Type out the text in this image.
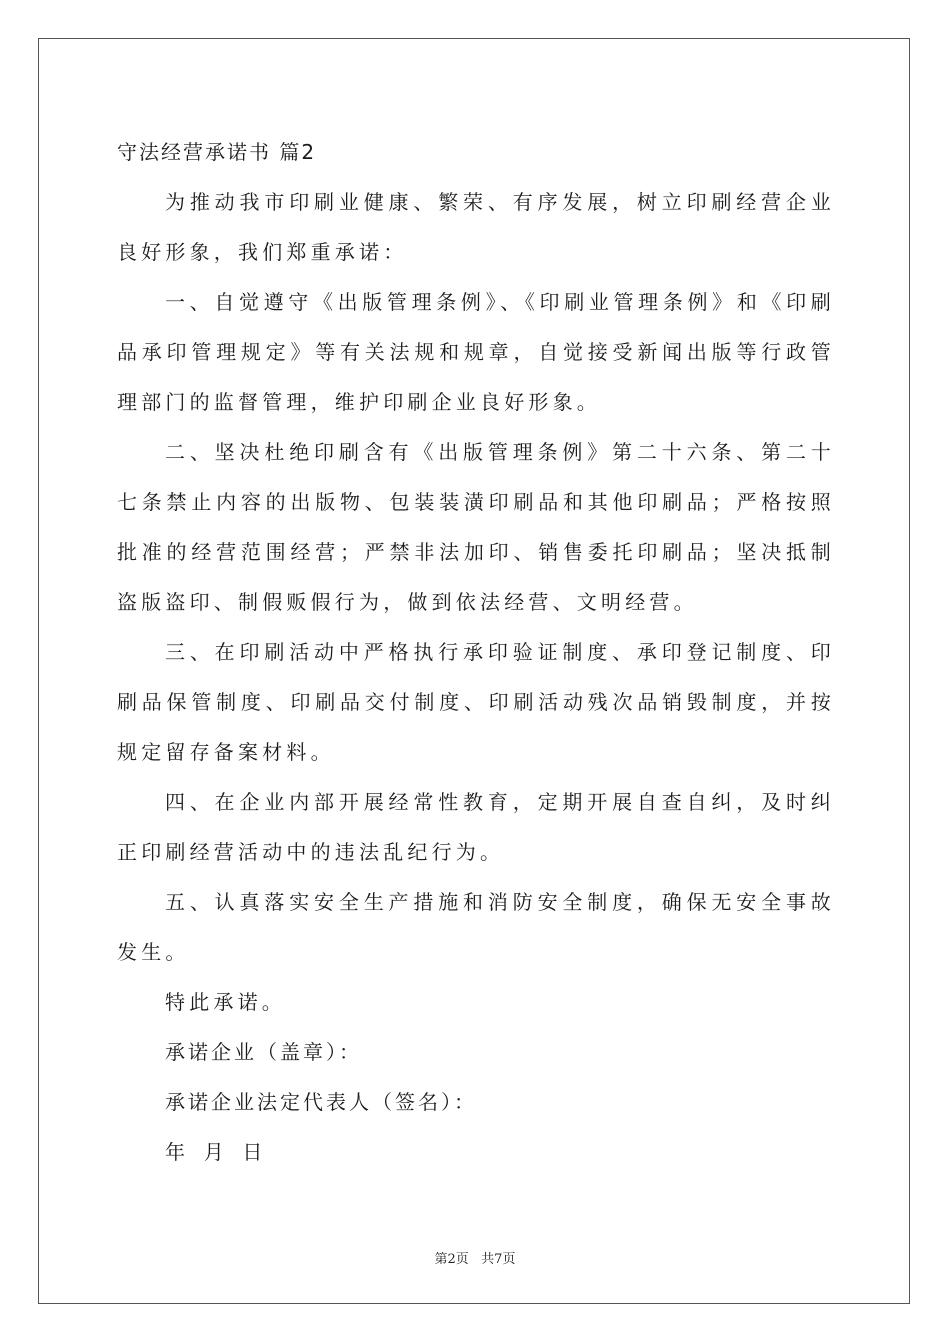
守法经营承诺书 篇2

为推动我市印刷业健康、繁荣、有序发展，树立印刷经营企业良好形象，我们郑重承诺：

一、自觉遵守《出版管理条例》、《印刷业管理条例》和《印刷品承印管理规定》等有关法规和规章，自觉接受新闻出版等行政管理部门的监督管理，维护印刷企业良好形象。

二、坚决杜绝印刷含有《出版管理条例》第二十六条、第二十七条禁止内容的出版物、包装装潢印刷品和其他印刷品；严格按照批准的经营范围经营；严禁非法加印、销售委托印刷品；坚决抵制盗版盗印、制假贩假行为，做到依法经营、文明经营。

三、在印刷活动中严格执行承印验证制度、承印登记制度、印刷品保管制度、印刷品交付制度、印刷活动残次品销毁制度，并按规定留存备案材料。

四、在企业内部开展经常性教育，定期开展自查自纠，及时纠正印刷经营活动中的违法乱纪行为。

五、认真落实安全生产措施和消防安全制度，确保无安全事故发生。

特此承诺。

承诺企业（盖章）：

承诺企业法定代表人（签名）：

年  月  日

第2页   共7页
